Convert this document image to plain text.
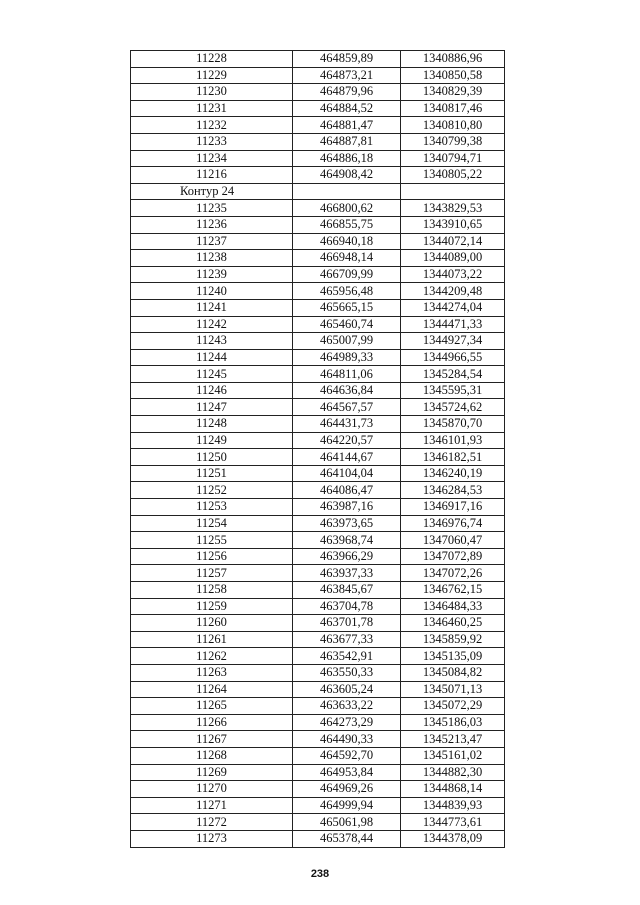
11228	464859,89	1340886,96
11229	464873,21	1340850,58
11230	464879,96	1340829,39
11231	464884,52	1340817,46
11232	464881,47	1340810,80
11233	464887,81	1340799,38
11234	464886,18	1340794,71
11216	464908,42	1340805,22
Контур 24		
11235	466800,62	1343829,53
11236	466855,75	1343910,65
11237	466940,18	1344072,14
11238	466948,14	1344089,00
11239	466709,99	1344073,22
11240	465956,48	1344209,48
11241	465665,15	1344274,04
11242	465460,74	1344471,33
11243	465007,99	1344927,34
11244	464989,33	1344966,55
11245	464811,06	1345284,54
11246	464636,84	1345595,31
11247	464567,57	1345724,62
11248	464431,73	1345870,70
11249	464220,57	1346101,93
11250	464144,67	1346182,51
11251	464104,04	1346240,19
11252	464086,47	1346284,53
11253	463987,16	1346917,16
11254	463973,65	1346976,74
11255	463968,74	1347060,47
11256	463966,29	1347072,89
11257	463937,33	1347072,26
11258	463845,67	1346762,15
11259	463704,78	1346484,33
11260	463701,78	1346460,25
11261	463677,33	1345859,92
11262	463542,91	1345135,09
11263	463550,33	1345084,82
11264	463605,24	1345071,13
11265	463633,22	1345072,29
11266	464273,29	1345186,03
11267	464490,33	1345213,47
11268	464592,70	1345161,02
11269	464953,84	1344882,30
11270	464969,26	1344868,14
11271	464999,94	1344839,93
11272	465061,98	1344773,61
11273	465378,44	1344378,09
238
